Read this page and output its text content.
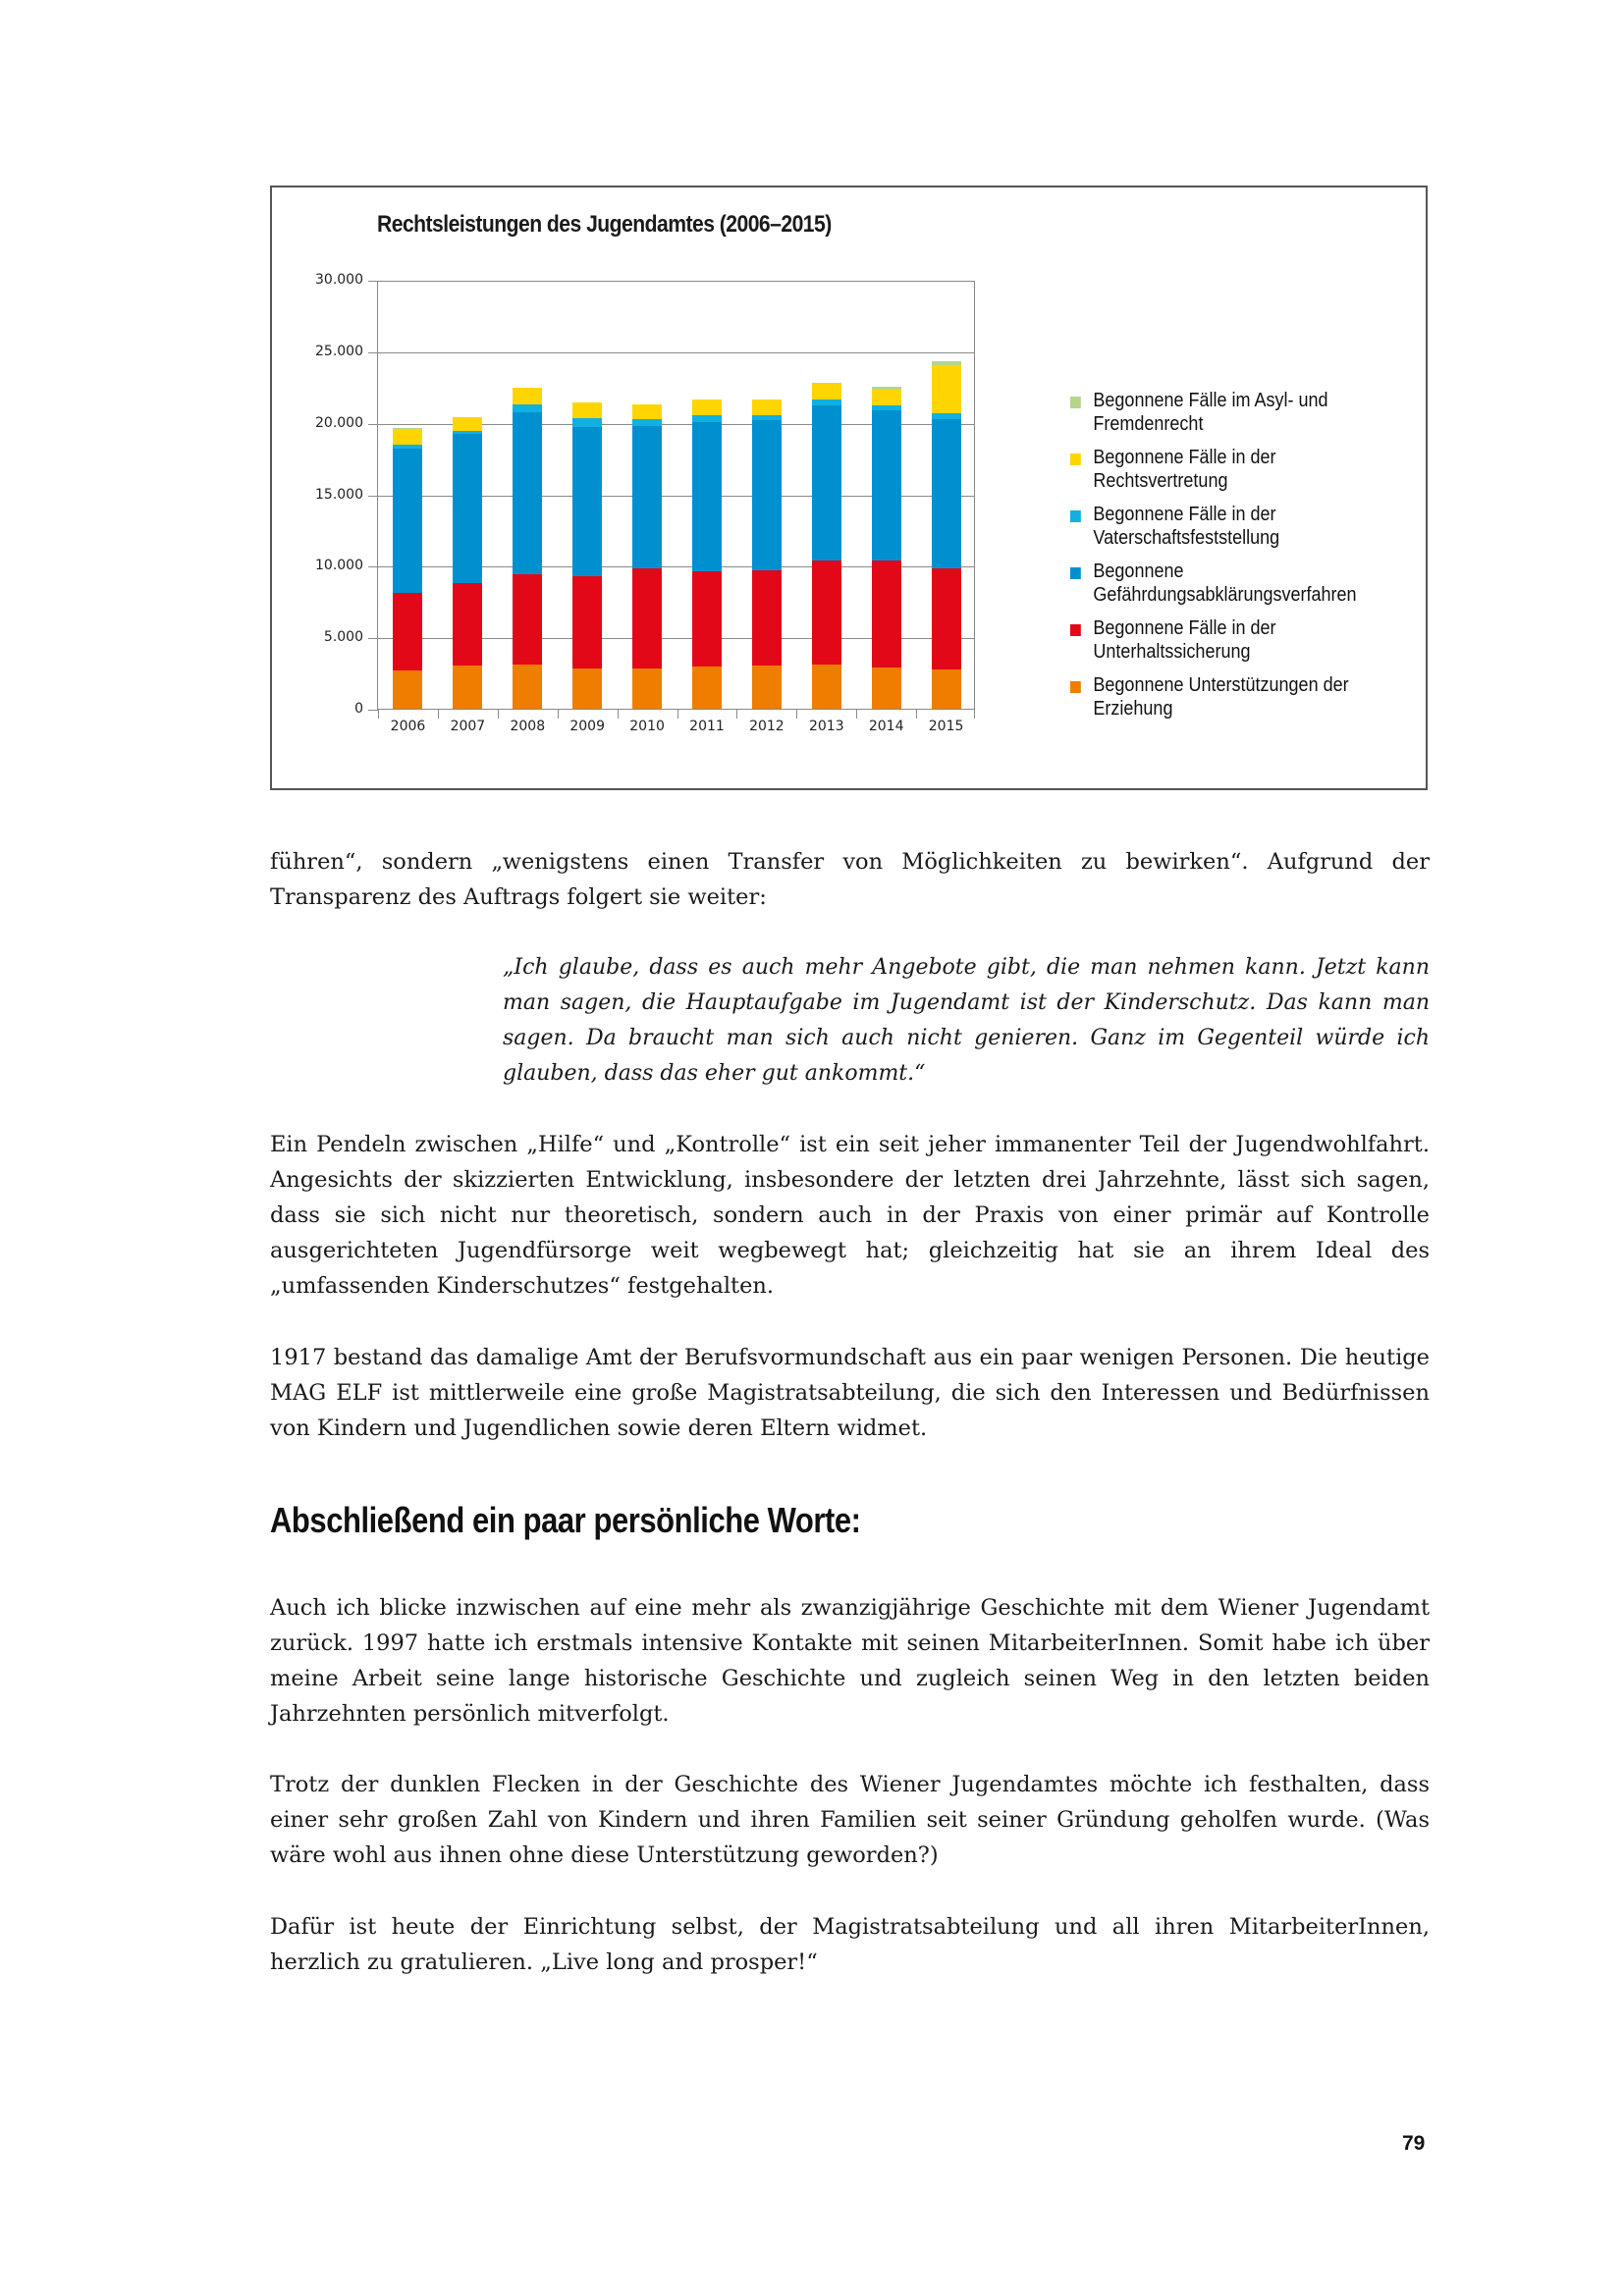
Rechtsleistungen des Jugendamtes (2006–2015)
30.000
25.000
20.000
15.000
10.000
5.000
0
2006	2007	2008	2009	2010	2011	2012	2013	2014	2015
Begonnene Fälle im Asyl- und
Fremdenrecht
Begonnene Fälle in der
Rechtsvertretung
Begonnene Fälle in der
Vaterschaftsfeststellung
Begonnene
Gefährdungsabklärungsverfahren
Begonnene Fälle in der
Unterhaltssicherung
Begonnene Unterstützungen der
Erziehung

führen“, sondern „wenigstens einen Transfer von Möglichkeiten zu bewirken“. Aufgrund der Transparenz des Auftrags folgert sie weiter:

„Ich glaube, dass es auch mehr Angebote gibt, die man nehmen kann. Jetzt kann man sagen, die Hauptaufgabe im Jugendamt ist der Kinderschutz. Das kann man sagen. Da braucht man sich auch nicht genieren. Ganz im Gegenteil würde ich glauben, dass das eher gut ankommt.“

Ein Pendeln zwischen „Hilfe“ und „Kontrolle“ ist ein seit jeher immanenter Teil der Jugendwohlfahrt. Angesichts der skizzierten Entwicklung, insbesondere der letzten drei Jahrzehnte, lässt sich sagen, dass sie sich nicht nur theoretisch, sondern auch in der Praxis von einer primär auf Kontrolle ausgerichteten Jugendfürsorge weit wegbewegt hat; gleichzeitig hat sie an ihrem Ideal des „umfassenden Kinderschutzes“ festgehalten.

1917 bestand das damalige Amt der Berufsvormundschaft aus ein paar wenigen Personen. Die heutige MAG ELF ist mittlerweile eine große Magistratsabteilung, die sich den Interessen und Bedürfnissen von Kindern und Jugendlichen sowie deren Eltern widmet.

Abschließend ein paar persönliche Worte:

Auch ich blicke inzwischen auf eine mehr als zwanzigjährige Geschichte mit dem Wiener Jugendamt zurück. 1997 hatte ich erstmals intensive Kontakte mit seinen MitarbeiterInnen. Somit habe ich über meine Arbeit seine lange historische Geschichte und zugleich seinen Weg in den letzten beiden Jahrzehnten persönlich mitverfolgt.

Trotz der dunklen Flecken in der Geschichte des Wiener Jugendamtes möchte ich festhalten, dass einer sehr großen Zahl von Kindern und ihren Familien seit seiner Gründung geholfen wurde. (Was wäre wohl aus ihnen ohne diese Unterstützung geworden?)

Dafür ist heute der Einrichtung selbst, der Magistratsabteilung und all ihren MitarbeiterInnen, herzlich zu gratulieren. „Live long and prosper!“

79
